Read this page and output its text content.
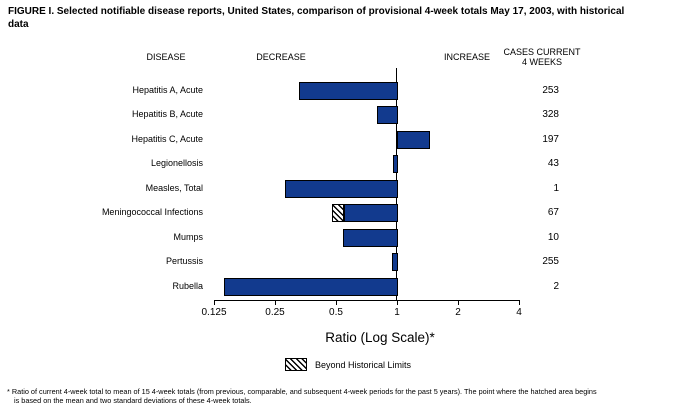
FIGURE I. Selected notifiable disease reports, United States, comparison of provisional 4-week totals May 17, 2003, with historical
data
DISEASE	DECREASE	INCREASE	CASES CURRENT
4 WEEKS
Hepatitis A, Acute	253
Hepatitis B, Acute	328
Hepatitis C, Acute	197
Legionellosis	43
Measles, Total	1
Meningococcal Infections	67
Mumps	10
Pertussis	255
Rubella	2
0.125	0.25	0.5	1	2	4
Ratio (Log Scale)*
Beyond Historical Limits
* Ratio of current 4-week total to mean of 15 4-week totals (from previous, comparable, and subsequent 4-week periods for the past 5 years). The point where the hatched area begins
is based on the mean and two standard deviations of these 4-week totals.
